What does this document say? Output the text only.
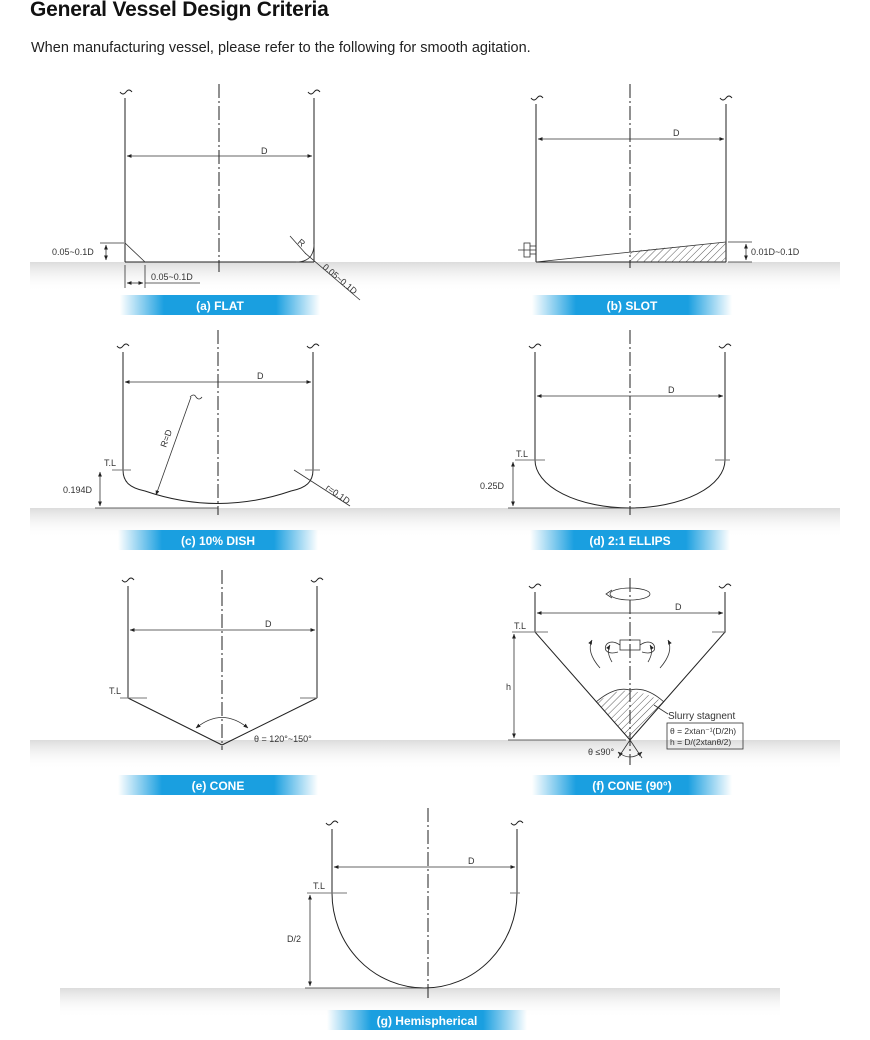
General Vessel Design Criteria

When manufacturing vessel, please refer to the following for smooth agitation.

D
0.05~0.1D
0.05~0.1D
R
0.05~0.1D
(a) FLAT
D
0.01D~0.1D
(b) SLOT
D
R=D
r=0.1D
T.L
0.194D
(c) 10% DISH
D
T.L
0.25D
(d) 2:1 ELLIPS
D
T.L
θ = 120°~150°
(e) CONE
D
T.L
h
Slurry stagnent
θ = 2xtan⁻¹(D/2h)
h = D/(2xtanθ/2)
θ ≤90°
(f) CONE (90°)
D
T.L
D/2
(g) Hemispherical
